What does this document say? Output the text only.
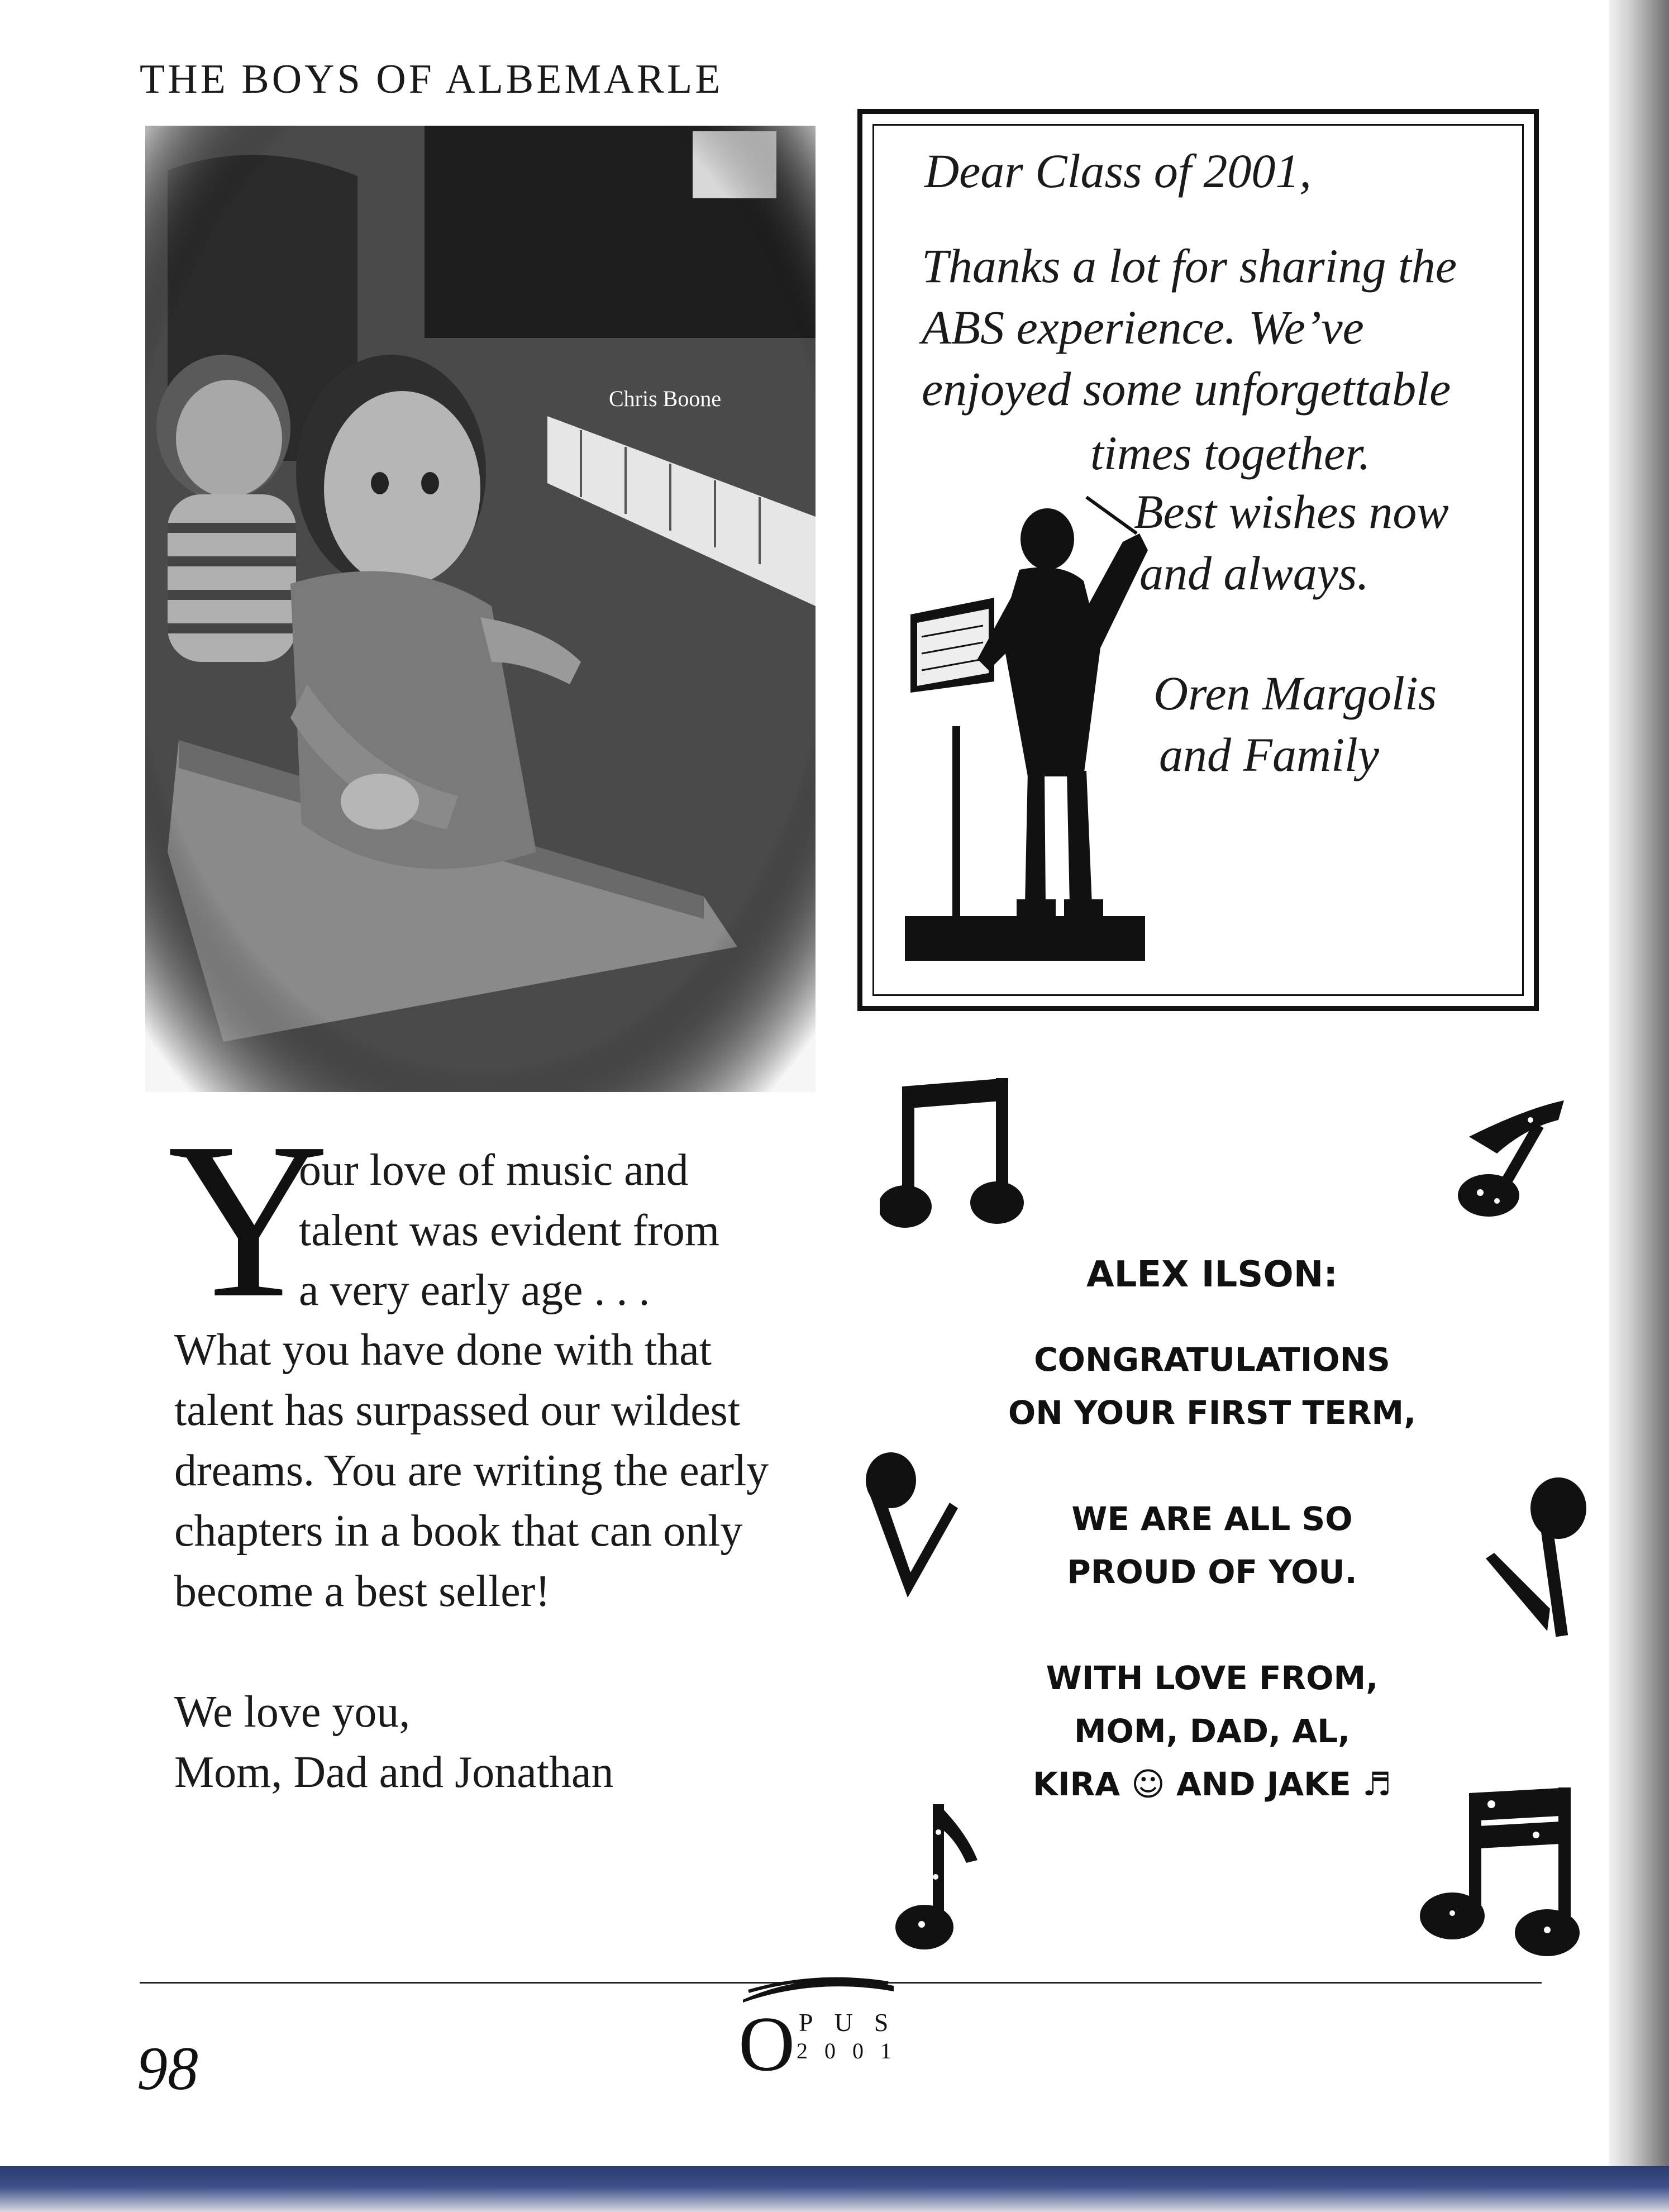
THE BOYS OF ALBEMARLE
Chris Boone
Dear Class of 2001,
Thanks a lot for sharing the
ABS experience. We’ve
enjoyed some unforgettable
times together.
Best wishes now
and always.
Oren Margolis
and Family
Y
our love of music and
talent was evident from
a very early age . . .
What you have done with that
talent has surpassed our wildest
dreams. You are writing the early
chapters in a book that can only
become a best seller!
We love you,
Mom, Dad and Jonathan
ALEX ILSON:
CONGRATULATIONS
ON YOUR FIRST TERM,
WE ARE ALL SO
PROUD OF YOU.
WITH LOVE FROM,
MOM, DAD, AL,
KIRA ☺ AND JAKE ♬
98	O PUS
2001
